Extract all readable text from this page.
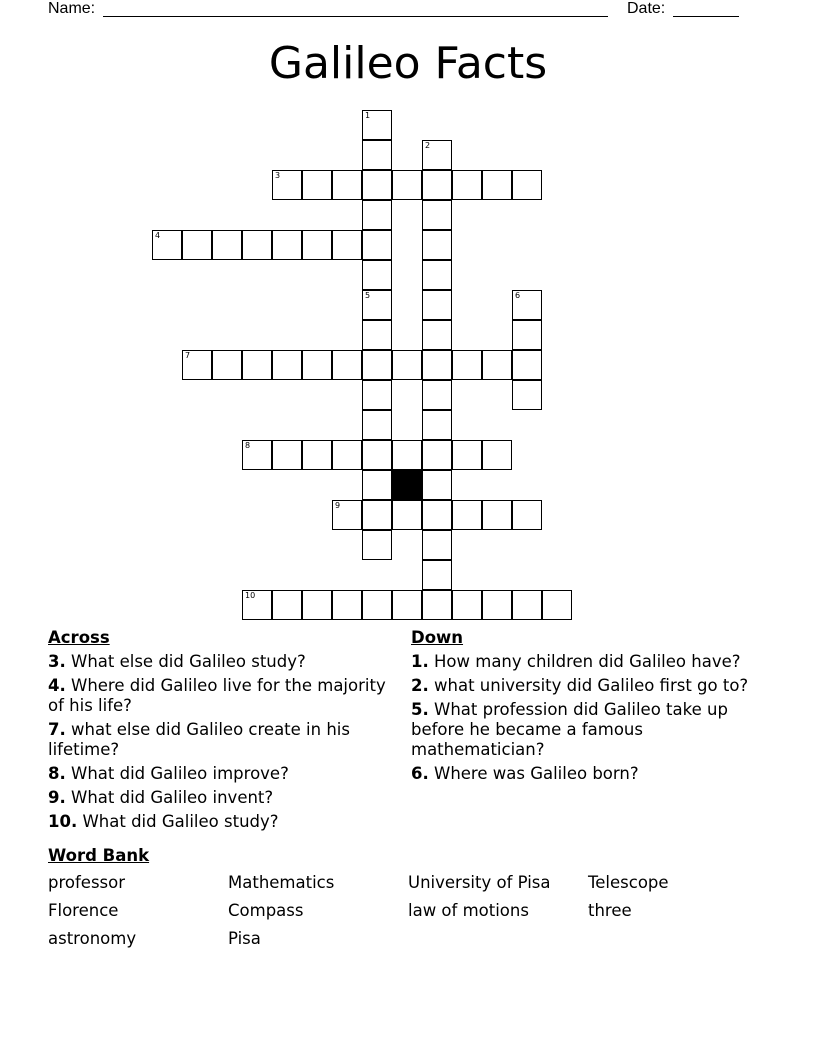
Name:	Date:
Galileo Facts
1
5
2
3
4
6
7
8
9
10
Across
3. What else did Galileo study?
4. Where did Galileo live for the majority of his life?
7. what else did Galileo create in his lifetime?
8. What did Galileo improve?
9. What did Galileo invent?
10. What did Galileo study?
Down
1. How many children did Galileo have?
2. what university did Galileo first go to?
5. What profession did Galileo take up before he became a famous mathematician?
6. Where was Galileo born?
Word Bank
professor	Mathematics	University of Pisa	Telescope
Florence	Compass	law of motions	three
astronomy	Pisa
